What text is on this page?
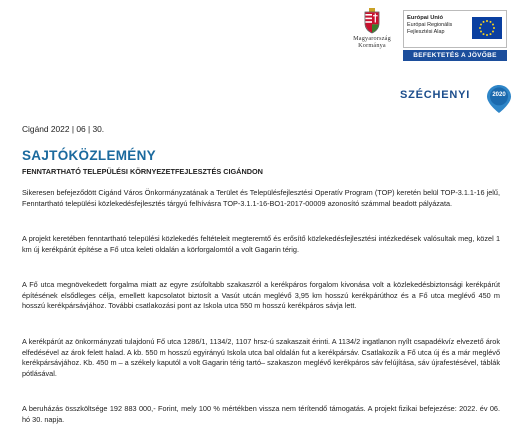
Magyarország Kormánya
Európai Unió
Európai Regionális
Fejlesztési Alap
BEFEKTETÉS A JÖVŐBE
SZÉCHENYI	2020
Cigánd 2022 | 06 | 30.
SAJTÓKÖZLEMÉNY
FENNTARTHATÓ TELEPÜLÉSI KÖRNYEZETFEJLESZTÉS CIGÁNDON

Sikeresen befejeződött Cigánd Város Önkormányzatának a Terület és Településfejlesztési Operatív Program (TOP) keretén belül TOP-3.1.1-16 jelű, Fenntartható települési közlekedésfejlesztés tárgyú felhívásra TOP-3.1.1-16-BO1-2017-00009 azonosító számmal beadott pályázata.

A projekt keretében fenntartható települési közlekedés feltételeit megteremtő és erősítő közlekedésfejlesztési intézkedések valósultak meg, közel 1 km új kerékpárút építése a Fő utca keleti oldalán a körforgalomtól a volt Gagarin térig.

A Fő utca megnövekedett forgalma miatt az egyre zsúfoltabb szakaszról a kerékpáros forgalom kivonása volt a közlekedésbiztonsági kerékpárút építésének elsődleges célja, emellett kapcsolatot biztosít a Vasút utcán meglévő 3,95 km hosszú kerékpárúthoz és a Fő utca meglévő 450 m hosszú kerékpársávjához. További csatlakozási pont az Iskola utca 550 m hosszú kerékpáros sávja lett.

A kerékpárút az önkormányzati tulajdonú Fő utca 1286/1, 1134/2, 1107 hrsz-ú szakaszait érinti. A 1134/2 ingatlanon nyílt csapadékvíz elvezető árok elfedésével az árok felett halad. A kb. 550 m hosszú egyirányú Iskola utca bal oldalán fut a kerékpársáv. Csatlakozik a Fő utca új és a már meglévő kerékpársávjához. Kb. 450 m – a székely kaputól a volt Gagarin térig tartó– szakaszon meglévő kerékpáros sáv felújítása, sáv újrafestésével, táblák pótlásával.

A beruházás összköltsége 192 883 000,- Forint, mely 100 % mértékben vissza nem térítendő támogatás. A projekt fizikai befejezése: 2022. év 06. hó 30. napja.
